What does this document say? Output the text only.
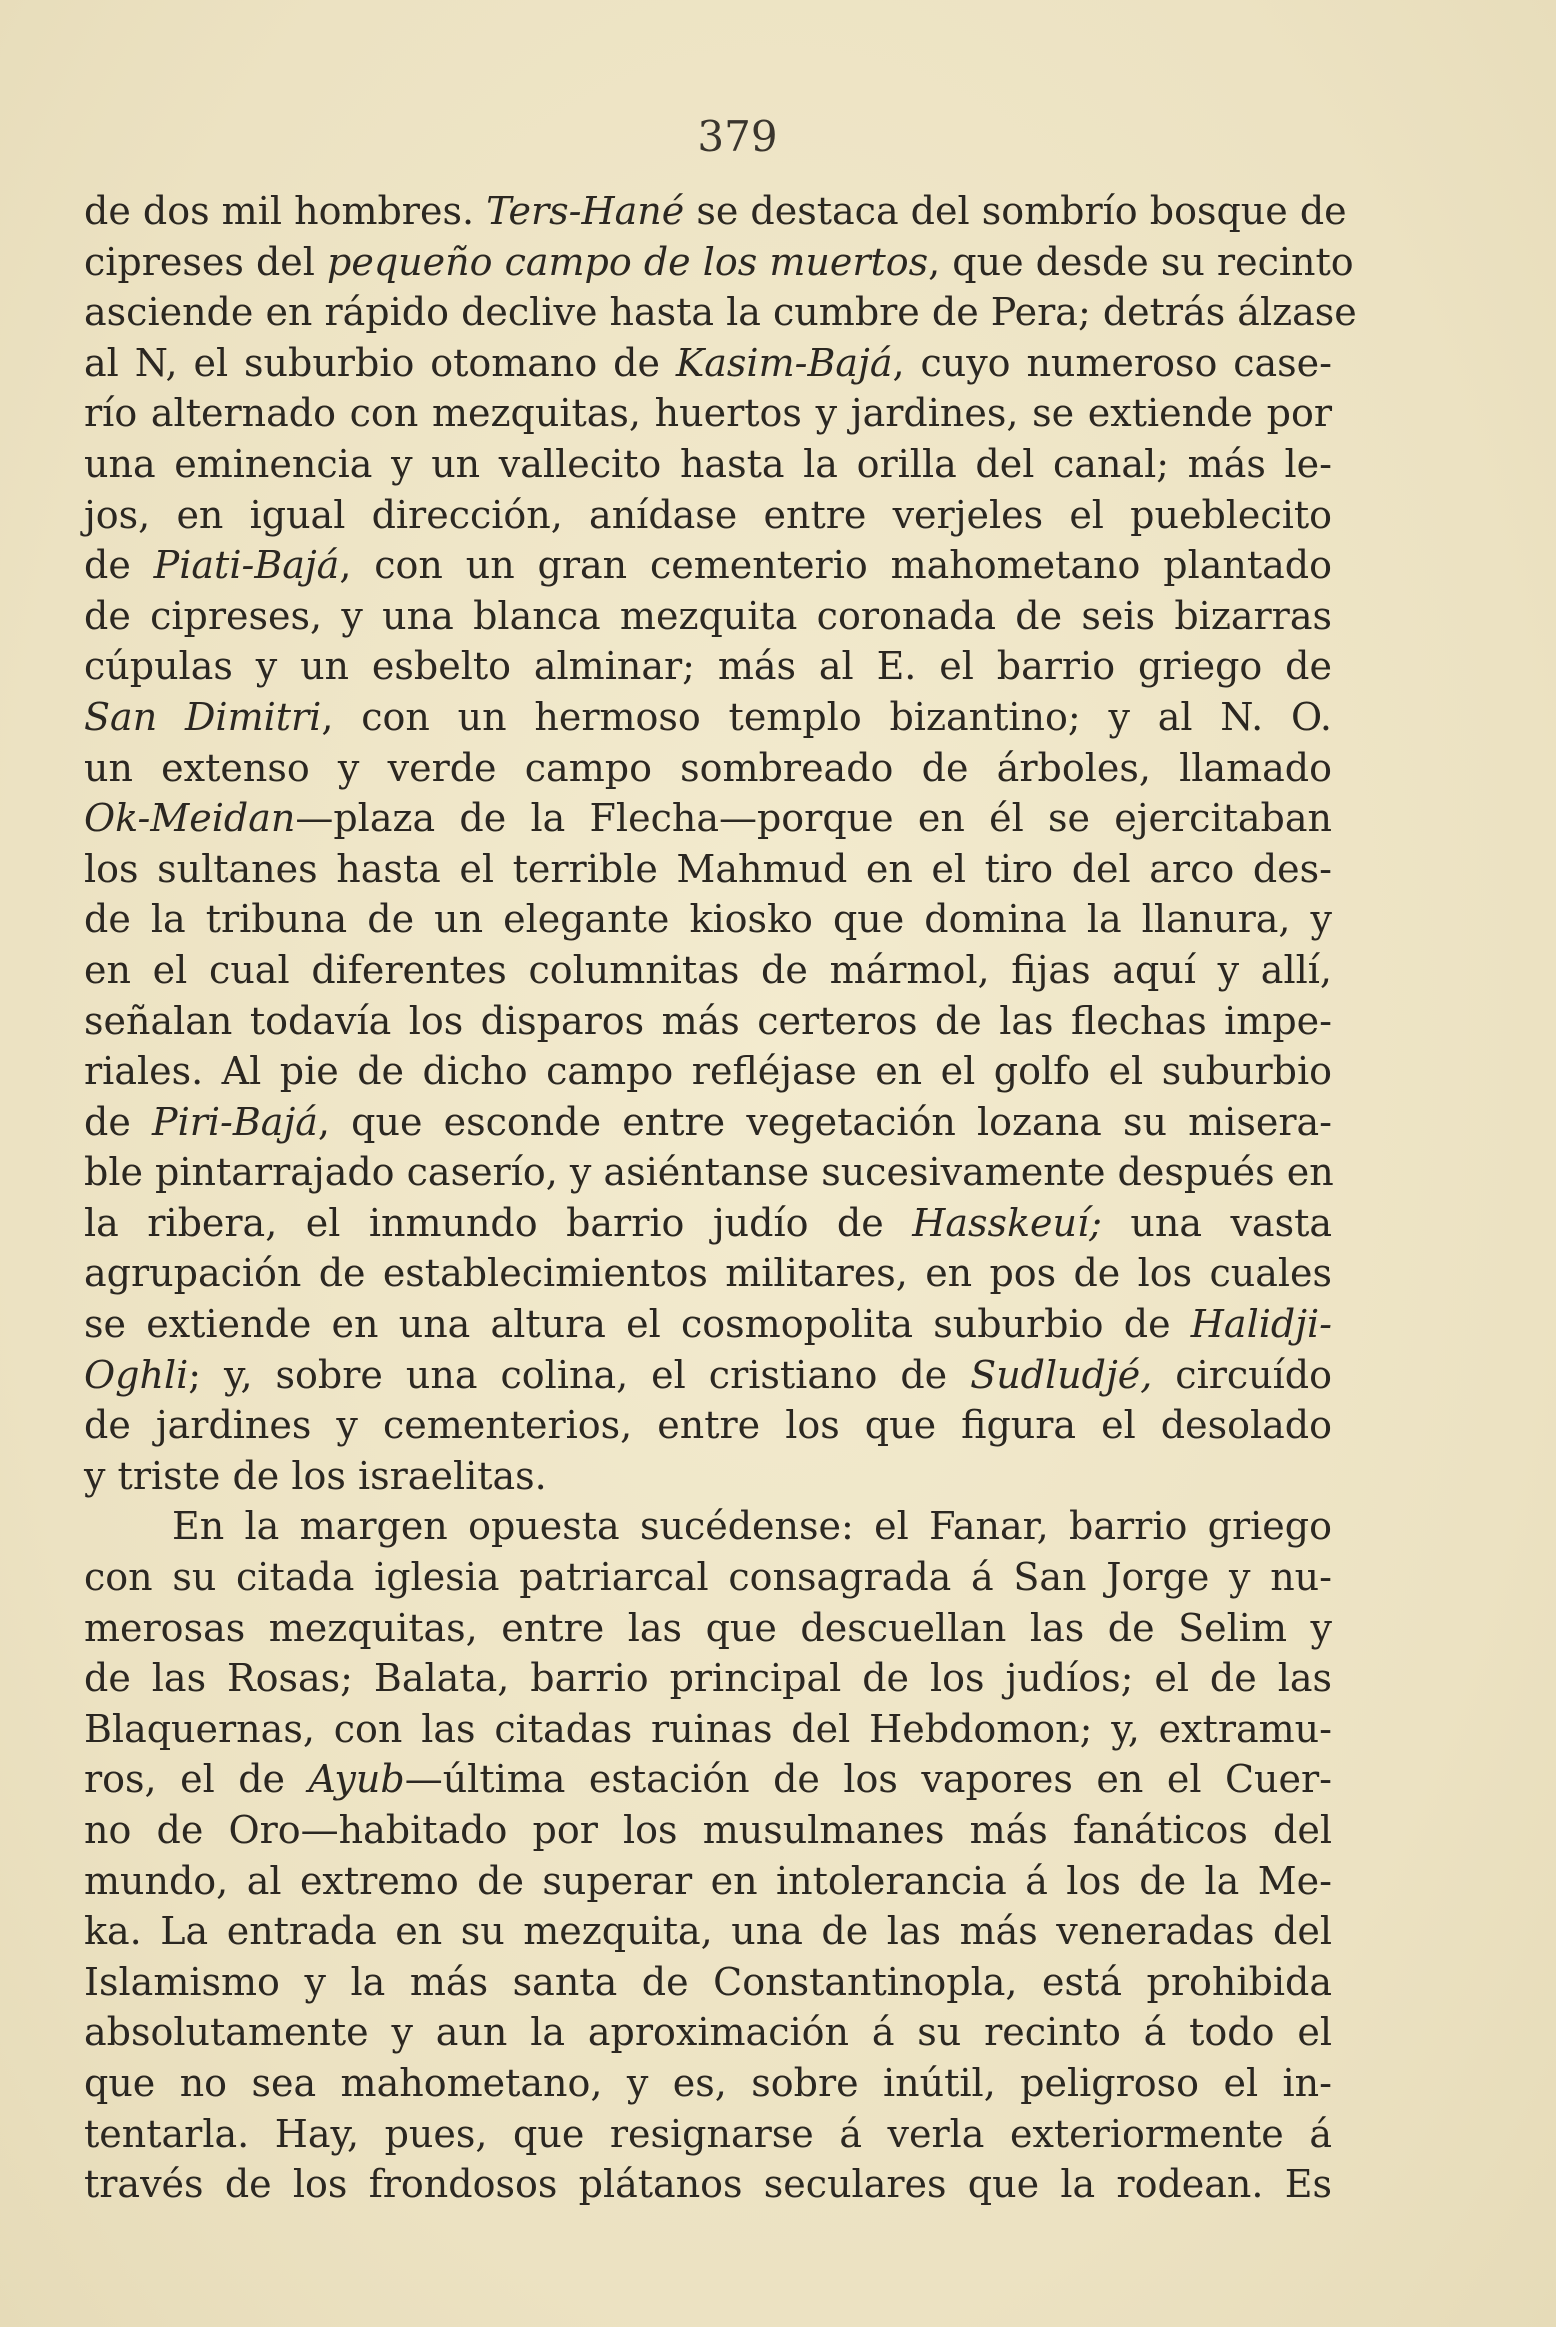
379
de dos mil hombres. Ters-Hané se destaca del sombrío bosque de
cipreses del pequeño campo de los muertos, que desde su recinto
asciende en rápido declive hasta la cumbre de Pera; detrás álzase
al N, el suburbio otomano de Kasim-Bajá, cuyo numeroso case-
río alternado con mezquitas, huertos y jardines, se extiende por
una eminencia y un vallecito hasta la orilla del canal; más le-
jos, en igual dirección, anídase entre verjeles el pueblecito
de Piati-Bajá, con un gran cementerio mahometano plantado
de cipreses, y una blanca mezquita coronada de seis bizarras
cúpulas y un esbelto alminar; más al E. el barrio griego de
San Dimitri, con un hermoso templo bizantino; y al N. O.
un extenso y verde campo sombreado de árboles, llamado
Ok-Meidan—plaza de la Flecha—porque en él se ejercitaban
los sultanes hasta el terrible Mahmud en el tiro del arco des-
de la tribuna de un elegante kiosko que domina la llanura, y
en el cual diferentes columnitas de mármol, fijas aquí y allí,
señalan todavía los disparos más certeros de las flechas impe-
riales. Al pie de dicho campo refléjase en el golfo el suburbio
de Piri-Bajá, que esconde entre vegetación lozana su misera-
ble pintarrajado caserío, y asiéntanse sucesivamente después en
la ribera, el inmundo barrio judío de Hasskeuí; una vasta
agrupación de establecimientos militares, en pos de los cuales
se extiende en una altura el cosmopolita suburbio de Halidji-
Oghli; y, sobre una colina, el cristiano de Sudludjé, circuído
de jardines y cementerios, entre los que figura el desolado
y triste de los israelitas.
En la margen opuesta sucédense: el Fanar, barrio griego
con su citada iglesia patriarcal consagrada á San Jorge y nu-
merosas mezquitas, entre las que descuellan las de Selim y
de las Rosas; Balata, barrio principal de los judíos; el de las
Blaquernas, con las citadas ruinas del Hebdomon; y, extramu-
ros, el de Ayub—última estación de los vapores en el Cuer-
no de Oro—habitado por los musulmanes más fanáticos del
mundo, al extremo de superar en intolerancia á los de la Me-
ka. La entrada en su mezquita, una de las más veneradas del
Islamismo y la más santa de Constantinopla, está prohibida
absolutamente y aun la aproximación á su recinto á todo el
que no sea mahometano, y es, sobre inútil, peligroso el in-
tentarla. Hay, pues, que resignarse á verla exteriormente á
través de los frondosos plátanos seculares que la rodean. Es
